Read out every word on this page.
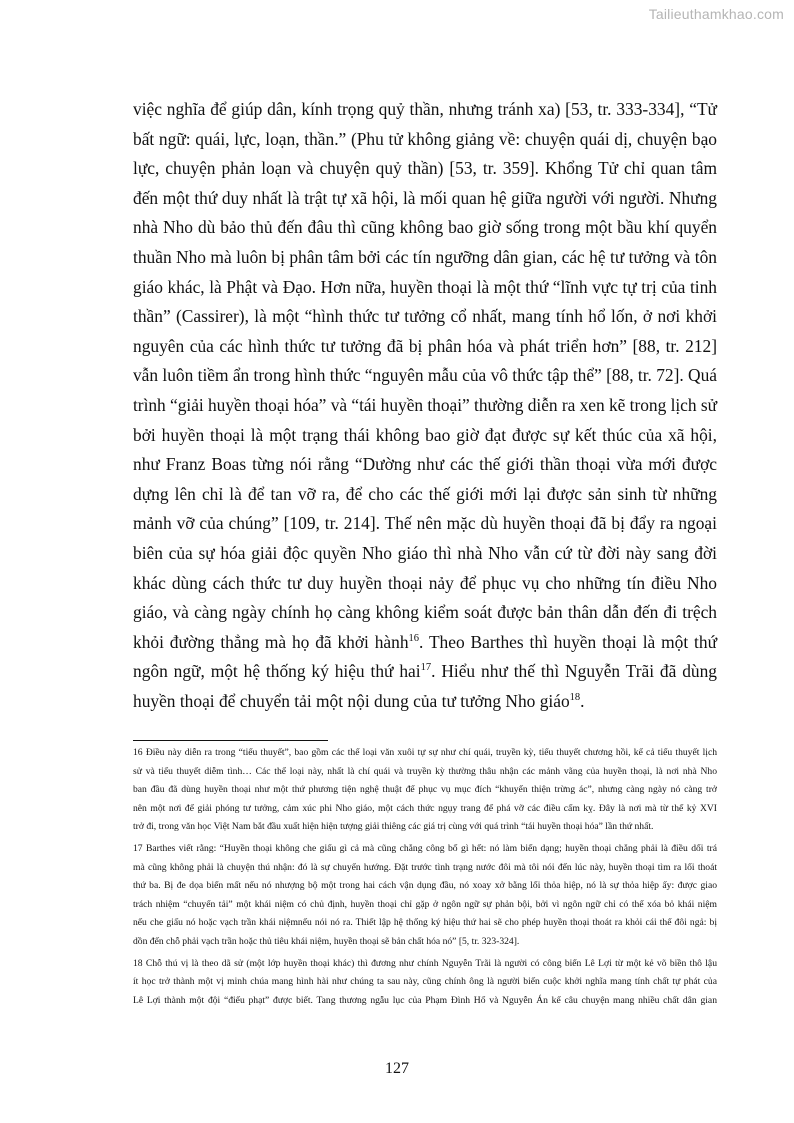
Tailieuthamkhao.com
việc nghĩa để giúp dân, kính trọng quỷ thần, nhưng tránh xa) [53, tr. 333-334], “Tử
bất ngữ: quái, lực, loạn, thần.” (Phu tử không giảng về: chuyện quái dị, chuyện bạo
lực, chuyện phản loạn và chuyện quỷ thần) [53, tr. 359]. Khổng Tử chỉ quan tâm
đến một thứ duy nhất là trật tự xã hội, là mối quan hệ giữa người với người. Nhưng
nhà Nho dù bảo thủ đến đâu thì cũng không bao giờ sống trong một bầu khí quyển
thuần Nho mà luôn bị phân tâm bởi các tín ngưỡng dân gian, các hệ tư tưởng và tôn
giáo khác, là Phật và Đạo. Hơn nữa, huyền thoại là một thứ “lĩnh vực tự trị của tinh
thần” (Cassirer), là một “hình thức tư tưởng cổ nhất, mang tính hổ lốn, ở nơi khởi
nguyên của các hình thức tư tưởng đã bị phân hóa và phát triển hơn” [88, tr. 212]
vẫn luôn tiềm ẩn trong hình thức “nguyên mẫu của vô thức tập thể” [88, tr. 72]. Quá
trình “giải huyền thoại hóa” và “tái huyền thoại” thường diễn ra xen kẽ trong lịch sử
bởi huyền thoại là một trạng thái không bao giờ đạt được sự kết thúc của xã hội,
như Franz Boas từng nói rằng “Dường như các thế giới thần thoại vừa mới được
dựng lên chỉ là để tan vỡ ra, để cho các thế giới mới lại được sản sinh từ những
mảnh vỡ của chúng” [109, tr. 214]. Thế nên mặc dù huyền thoại đã bị đẩy ra ngoại
biên của sự hóa giải độc quyền Nho giáo thì nhà Nho vẫn cứ từ đời này sang đời
khác dùng cách thức tư duy huyền thoại nảy để phục vụ cho những tín điều Nho
giáo, và càng ngày chính họ càng không kiểm soát được bản thân dẫn đến đi trệch
khỏi đường thẳng mà họ đã khởi hành$^{16}$. Theo Barthes thì huyền thoại là một thứ
ngôn ngữ, một hệ thống ký hiệu thứ hai$^{17}$. Hiểu như thế thì Nguyễn Trãi đã dùng
huyền thoại để chuyển tải một nội dung của tư tưởng Nho giáo$^{18}$.
16 Điều này diễn ra trong “tiểu thuyết”, bao gồm các thể loại văn xuôi tự sự như chí quái, truyền kỳ, tiểu thuyết chương hồi, kể cả tiểu thuyết lịch
sử và tiểu thuyết diễm tình… Các thể loại này, nhất là chí quái và truyền kỳ thường thâu nhận các mảnh vãng của huyền thoại, là nơi nhà Nho
ban đầu đã dùng huyền thoại như một thứ phương tiện nghệ thuật để phục vụ mục đích “khuyến thiện trừng ác”, nhưng càng ngày nó càng trở
nên một nơi để giải phóng tư tưởng, cảm xúc phi Nho giáo, một cách thức ngụy trang để phá vỡ các điều cấm kỵ. Đây là nơi mà từ thế kỷ XVI
trở đi, trong văn học Việt Nam bắt đầu xuất hiện hiện tượng giải thiêng các giá trị cùng với quá trình “tái huyền thoại hóa” lần thứ nhất.
17 Barthes viết rằng: “Huyền thoại không che giấu gì cả mà cũng chẳng công bố gì hết: nó làm biến dạng; huyền thoại chẳng phải là điều dối trá
mà cũng không phải là chuyện thú nhận: đó là sự chuyển hướng. Đặt trước tình trạng nước đôi mà tôi nói đến lúc này, huyền thoại tìm ra lối thoát
thứ ba. Bị đe dọa biến mất nếu nó nhượng bộ một trong hai cách vận dụng đầu, nó xoay xở bằng lối thỏa hiệp, nó là sự thỏa hiệp ấy: được giao
trách nhiệm “chuyển tải” một khái niệm có chủ định, huyền thoại chỉ gặp ở ngôn ngữ sự phản bội, bởi vì ngôn ngữ chỉ có thể xóa bỏ khái niệm
nếu che giấu nó hoặc vạch trần khái niệmnếu nói nó ra. Thiết lập hệ thống ký hiệu thứ hai sẽ cho phép huyền thoại thoát ra khỏi cái thế đôi ngả: bị
dồn đến chỗ phải vạch trần hoặc thủ tiêu khái niệm, huyền thoại sẽ bản chất hóa nó” [5, tr. 323-324].
18 Chỗ thú vị là theo dã sử (một lớp huyền thoại khác) thì đương như chính Nguyễn Trãi là người có công biến Lê Lợi từ một kẻ võ biền thô lậu
ít học trở thành một vị minh chúa mang hình hài như chúng ta sau này, cũng chính ông là người biến cuộc khởi nghĩa mang tính chất tự phát của
Lê Lợi thành một đội “điếu phạt” được biết. Tang thương ngẫu lục của Phạm Đình Hổ và Nguyễn Án kể câu chuyện mang nhiều chất dân gian
127
